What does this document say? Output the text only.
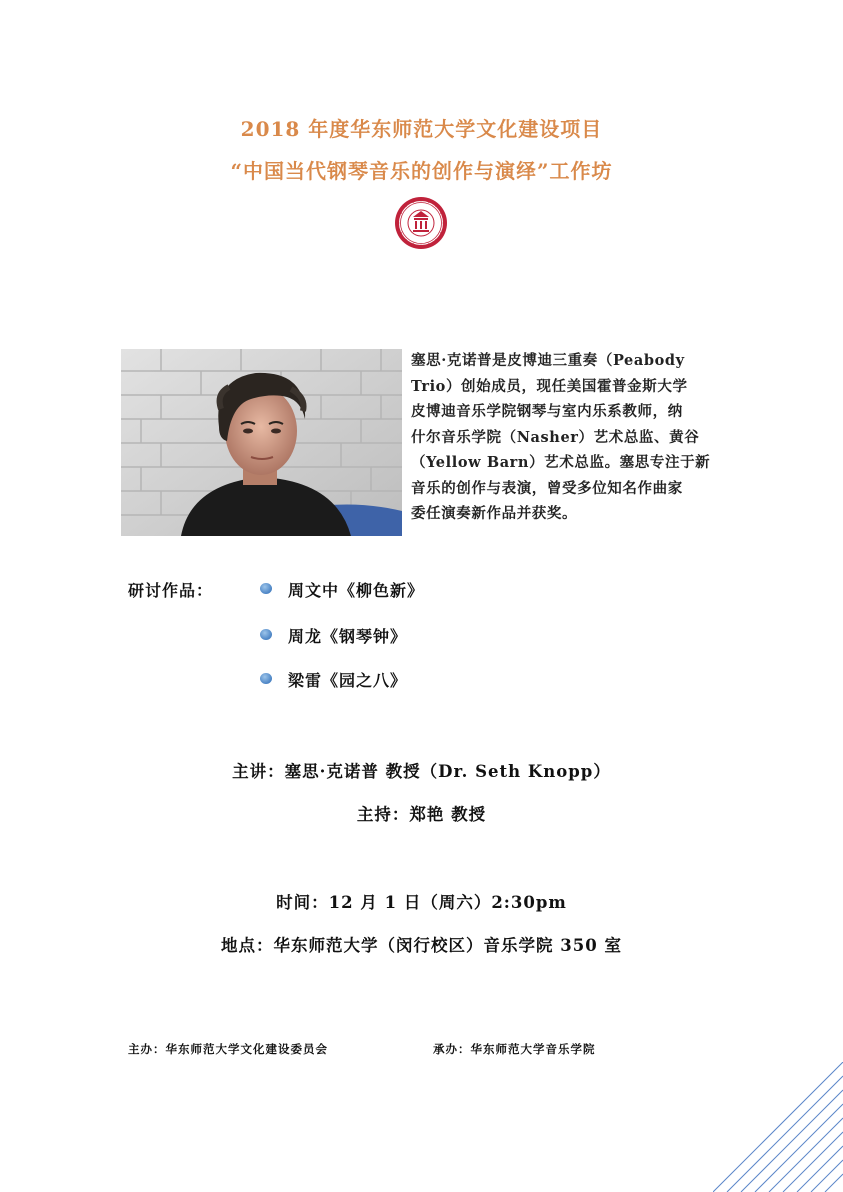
2018 年度华东师范大学文化建设项目
“中国当代钢琴音乐的创作与演绎”工作坊
塞思·克诺普是皮博迪三重奏（Peabody
Trio）创始成员，现任美国霍普金斯大学
皮博迪音乐学院钢琴与室内乐系教师，纳
什尔音乐学院（Nasher）艺术总监、黄谷
（Yellow Barn）艺术总监。塞思专注于新
音乐的创作与表演，曾受多位知名作曲家
委任演奏新作品并获奖。
研讨作品：	周文中《柳色新》
周龙《钢琴钟》
梁雷《园之八》
主讲：塞思·克诺普 教授（Dr. Seth Knopp）
主持：郑艳 教授
时间：12 月 1 日（周六）2:30pm
地点：华东师范大学（闵行校区）音乐学院 350 室
主办：华东师范大学文化建设委员会	承办：华东师范大学音乐学院
